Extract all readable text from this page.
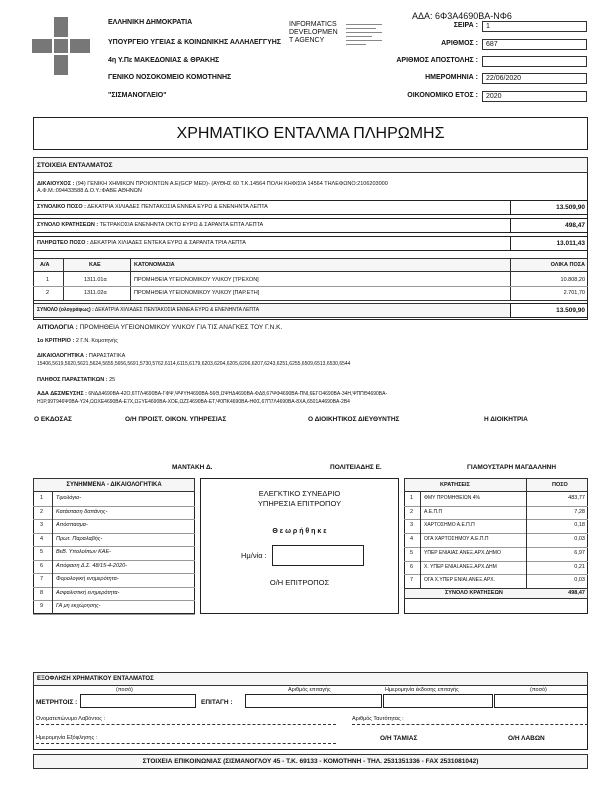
ΑΔΑ: 6Φ3Α4690ΒΑ-ΝΦ6
ΕΛΛΗΝΙΚΗ ΔΗΜΟΚΡΑΤΙΑ
ΥΠΟΥΡΓΕΙΟ ΥΓΕΙΑΣ & ΚΟΙΝΩΝΙΚΗΣ ΑΛΛΗΛΕΓΓΥΗΣ
4η Υ.Πε ΜΑΚΕΔΟΝΙΑΣ & ΘΡΑΚΗΣ
ΓΕΝΙΚΟ ΝΟΣΟΚΟΜΕΙΟ ΚΟΜΟΤΗΝΗΣ
"ΣΙΣΜΑΝΟΓΛΕΙΟ"
INFORMATICS
DEVELOPMEN
T AGENCY
ΣΕΙΡΑ :	1
ΑΡΙΘΜΟΣ :	687
ΑΡΙΘΜΟΣ ΑΠΟΣΤΟΛΗΣ :
ΗΜΕΡΟΜΗΝΙΑ :	22/06/2020
ΟΙΚΟΝΟΜΙΚΟ ΕΤΟΣ :	2020
ΧΡΗΜΑΤΙΚΟ ΕΝΤΑΛΜΑ ΠΛΗΡΩΜΗΣ
ΣΤΟΙΧΕΙΑ ΕΝΤΑΛΜΑΤΟΣ
ΔΙΚΑΙΟΥΧΟΣ : (94) ΓΕΝΙΚΗ ΧΗΜΙΚΩΝ ΠΡΟΙΟΝΤΩΝ Α.Ε(GCP MED)- (ΑΥΘΗΣ 60 Τ.Κ.14564 ΠΟΛΗ ΚΗΦΙΣΙΑ 14564 ΤΗΛΕΦΩΝΟ:2106203000
Α.Φ.Μ.:094433588 Δ.Ο.Υ.:ΦΑΒΕ ΑΘΗΝΩΝ
ΣΥΝΟΛΙΚΟ ΠΟΣΟ : ΔΕΚΑΤΡΙΑ ΧΙΛΙΑΔΕΣ ΠΕΝΤΑΚΟΣΙΑ ΕΝΝΕΑ ΕΥΡΩ & ΕΝΕΝΗΝΤΑ ΛΕΠΤΑ	13.509,90
ΣΥΝΟΛΟ ΚΡΑΤΗΣΕΩΝ : ΤΕΤΡΑΚΟΣΙΑ ΕΝΕΝΗΝΤΑ ΟΚΤΩ ΕΥΡΩ & ΣΑΡΑΝΤΑ ΕΠΤΑ ΛΕΠΤΑ	498,47
ΠΛΗΡΩΤΕΟ ΠΟΣΟ : ΔΕΚΑΤΡΙΑ ΧΙΛΙΑΔΕΣ ΕΝΤΕΚΑ ΕΥΡΩ & ΣΑΡΑΝΤΑ ΤΡΙΑ ΛΕΠΤΑ	13.011,43
Α/Α	ΚΑΕ	ΚΑΤΟΝΟΜΑΣΙΑ	ΟΛΙΚΑ ΠΟΣΑ
1	1311.01α	ΠΡΟΜΗΘΕΙΑ ΥΓΕΙΟΝΟΜΙΚΟΥ ΥΛΙΚΟΥ [ΤΡΕΧΟΝ]	10.808,20
2	1311.02α	ΠΡΟΜΗΘΕΙΑ ΥΓΕΙΟΝΟΜΙΚΟΥ ΥΛΙΚΟΥ [ΠΑΡ.ΕΤΗ]	2.701,70
ΣΥΝΟΛΟ (ολογράφως) : ΔΕΚΑΤΡΙΑ ΧΙΛΙΑΔΕΣ ΠΕΝΤΑΚΟΣΙΑ ΕΝΝΕΑ ΕΥΡΩ & ΕΝΕΝΗΝΤΑ ΛΕΠΤΑ	13.509,90
ΑΙΤΙΟΛΟΓΙΑ : ΠΡΟΜΗΘΕΙΑ ΥΓΕΙΟΝΟΜΙΚΟΥ ΥΛΙΚΟΥ ΓΙΑ ΤΙΣ ΑΝΑΓΚΕΣ ΤΟΥ Γ.Ν.Κ.
1ο ΚΡΙΤΗΡΙΟ : 2 Γ.Ν. Κομοτηνής
ΔΙΚΑΙΟΛΟΓΗΤΙΚΑ : ΠΑΡΑΣΤΑΤΙΚΑ
15406,5619,5620,5621,5624,5655,5656,5691,5730,5762,6114,6115,6179,6203,6204,6205,6206,6207,6243,6251,6255,6509,6513,6530,6544
ΠΛΗΘΟΣ ΠΑΡΑΣΤΑΤΙΚΩΝ : 25
ΑΔΑ ΔΕΣΜΕΥΣΗΣ : 6ΝΔΔ4690ΒΑ-42Ο,6ΤΓΛ4690ΒΑ-ΓΦΨ,ΨΨΥΗ4690ΒΑ-56Θ,ΩΨΗΔ4690ΒΑ-ΦΔ8,67ΨΦ4690ΒΑ-ΠΝΙ,6ΕΓΟ4690ΒΑ-34Η,ΨΠΠΘ4690ΒΑ-
Η1Ρ,99Τ946Ψ0ΒΑ-Υ24,ΩΩΧΕ4690ΒΑ-Ε7Χ,ΩΞΥΕ4690ΒΑ-ΧΟΕ,ΩΖΣ4690ΒΑ-ΕΤ,Ψ0ΠΚ4690ΒΑ-ΗΦΣ,67Π7Λ4690ΒΑ-8ΧΑ,6501Α4690ΒΑ-2Β4
Ο ΕΚΔΟΣΑΣ	Ο/Η ΠΡΟΙΣΤ. ΟΙΚΟΝ. ΥΠΗΡΕΣΙΑΣ	Ο ΔΙΟΙΚΗΤΙΚΟΣ ΔΙΕΥΘΥΝΤΗΣ	Η ΔΙΟΙΚΗΤΡΙΑ
ΜΑΝΤΑΚΗ Δ.	ΠΟΛΙΤΕΙΑΔΗΣ Ε.	ΓΙΑΜΟΥΣΤΑΡΗ ΜΑΓΔΑΛΗΝΗ
ΣΥΝΗΜΜΕΝΑ - ΔΙΚΑΙΟΛΟΓΗΤΙΚΑ
1 Τιμολόγιο-
2 Κατάσταση δαπάνης-
3 Απόσπασμα-
4 Πρωτ. Παραλαβής-
5 ΒεΒ. Υπολοίπων ΚΑΕ-
6 Απόφαση Δ.Σ. 48/15-4-2020-
7 Φορολογική ενημερότητα-
8 Ασφαλιστική ενημερότητα-
9 ΓΑ μη εκχώρησης-
ΕΛΕΓΚΤΙΚΟ ΣΥΝΕΔΡΙΟ
ΥΠΗΡΕΣΙΑ ΕΠΙΤΡΟΠΟΥ
Θ ε ω ρ ή θ η κ ε
Ημ/νία :
Ο/Η ΕΠΙΤΡΟΠΟΣ
ΚΡΑΤΗΣΕΙΣ	ΠΟΣΟ
1 ΦΜΥ ΠΡΟΜΗΘΕΙΩΝ 4%	483,77
2 Α.Ε.Π.Π	7,28
3 ΧΑΡΤΟΣΗΜΟ Α.Ε.Π.Π	0,18
4 ΟΓΑ ΧΑΡΤΟΣΗΜΟΥ Α.Ε.Π.Π	0,03
5 ΥΠΕΡ ΕΝΙΑΙΑΣ ΑΝΕΞ.ΑΡΧ.ΔΗΜΟ	6,97
6 Χ. ΥΠΕΡ ΕΝΙΑΙ.ΑΝΕΞ.ΑΡΧ.ΔΗΜ	0,21
7 ΟΓΑ Χ.ΥΠΕΡ ΕΝΙΑΙ.ΑΝΕΞ.ΑΡΧ.	0,03
ΣΥΝΟΛΟ ΚΡΑΤΗΣΕΩΝ	498,47
ΕΞΟΦΛΗΣΗ ΧΡΗΜΑΤΙΚΟΥ ΕΝΤΑΛΜΑΤΟΣ
ΜΕΤΡΗΤΟΙΣ :
(ποσό)
ΕΠΙΤΑΓΗ :
Αριθμός επιταγής	Ημερομηνία έκδοσης επιταγής	(ποσό)
Ονοματεπώνυμο Λαβόντος :	Αριθμός Ταυτότητας :
Ημερομηνία Εξόφλησης :	Ο/Η ΤΑΜΙΑΣ	Ο/Η ΛΑΒΩΝ
ΣΤΟΙΧΕΙΑ ΕΠΙΚΟΙΝΩΝΙΑΣ (ΣΙΣΜΑΝΟΓΛΟΥ 45 - Τ.Κ. 69133 - ΚΟΜΟΤΗΝΗ - ΤΗΛ. 2531351336 - FAX 2531081042)
